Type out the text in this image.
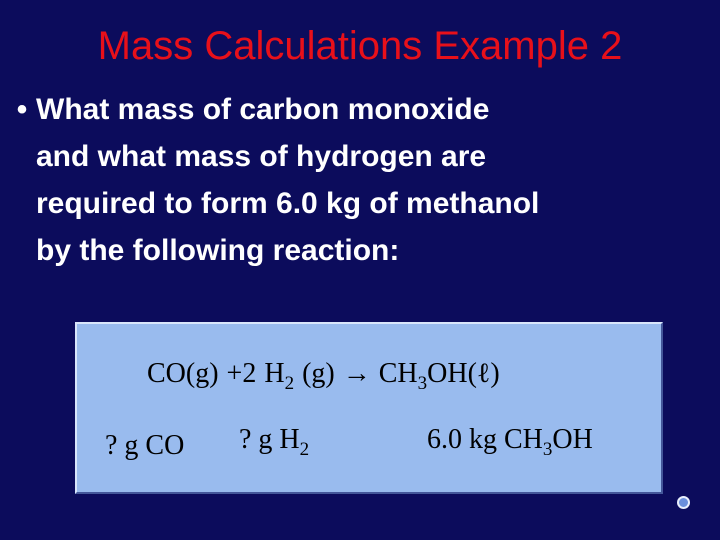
Mass Calculations Example 2
• What mass of carbon monoxide
and what mass of hydrogen are
required to form 6.0 kg of methanol
by the following reaction:
CO(g) +2 $H_2$ $(g) \to CH_3OH(\ell)$
? g CO ? g $H_2$	6.0 kg $CH_3OH$
